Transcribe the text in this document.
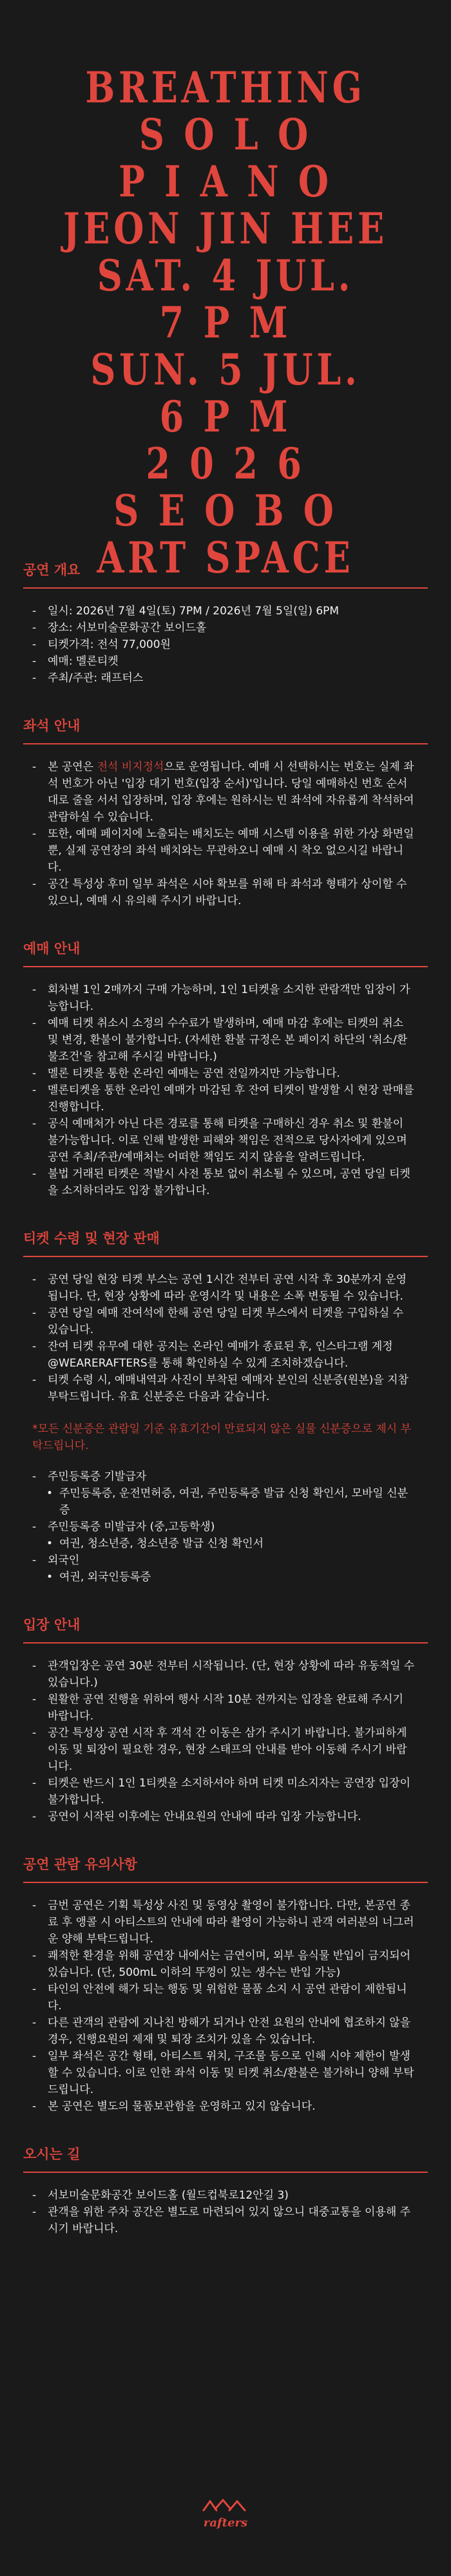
BREATHING
S O L O
P I A N O
JEON JIN HEE
SAT. 4 JUL.
7 P M
SUN. 5 JUL.
6 P M
2 0 2 6
S E O B O
ART SPACE
공연 개요
- 일시: 2026년 7월 4일(토) 7PM / 2026년 7월 5일(일) 6PM
- 장소: 서보미술문화공간 보이드홀
- 티켓가격: 전석 77,000원
- 예매: 멜론티켓
- 주최/주관: 래프터스
좌석 안내
- 본 공연은 전석 비지정석으로 운영됩니다. 예매 시 선택하시는 번호는 실제 좌석 번호가 아닌 '입장 대기 번호(입장 순서)'입니다. 당일 예매하신 번호 순서대로 줄을 서서 입장하며, 입장 후에는 원하시는 빈 좌석에 자유롭게 착석하여 관람하실 수 있습니다.
- 또한, 예매 페이지에 노출되는 배치도는 예매 시스템 이용을 위한 가상 화면일 뿐, 실제 공연장의 좌석 배치와는 무관하오니 예매 시 착오 없으시길 바랍니다.
- 공간 특성상 후미 일부 좌석은 시야 확보를 위해 타 좌석과 형태가 상이할 수 있으니, 예매 시 유의해 주시기 바랍니다.
예매 안내
- 회차별 1인 2매까지 구매 가능하며, 1인 1티켓을 소지한 관람객만 입장이 가능합니다.
- 예매 티켓 취소시 소정의 수수료가 발생하며, 예매 마감 후에는 티켓의 취소 및 변경, 환불이 불가합니다. (자세한 환불 규정은 본 페이지 하단의 '취소/환불조건'을 참고해 주시길 바랍니다.)
- 멜론 티켓을 통한 온라인 예매는 공연 전일까지만 가능합니다.
- 멜론티켓을 통한 온라인 예매가 마감된 후 잔여 티켓이 발생할 시 현장 판매를 진행합니다.
- 공식 예매처가 아닌 다른 경로를 통해 티켓을 구매하신 경우 취소 및 환불이 불가능합니다. 이로 인해 발생한 피해와 책임은 전적으로 당사자에게 있으며 공연 주최/주관/예매처는 어떠한 책임도 지지 않음을 알려드립니다.
- 불법 거래된 티켓은 적발시 사전 통보 없이 취소될 수 있으며, 공연 당일 티켓을 소지하더라도 입장 불가합니다.
티켓 수령 및 현장 판매
- 공연 당일 현장 티켓 부스는 공연 1시간 전부터 공연 시작 후 30분까지 운영됩니다. 단, 현장 상황에 따라 운영시각 및 내용은 소폭 변동될 수 있습니다.
- 공연 당일 예매 잔여석에 한해 공연 당일 티켓 부스에서 티켓을 구입하실 수 있습니다.
- 잔여 티켓 유무에 대한 공지는 온라인 예매가 종료된 후, 인스타그램 계정 @WEARERAFTERS를 통해 확인하실 수 있게 조치하겠습니다.
- 티켓 수령 시, 예매내역과 사진이 부착된 예매자 본인의 신분증(원본)을 지참 부탁드립니다. 유효 신분증은 다음과 같습니다.
*모든 신분증은 관람일 기준 유효기간이 만료되지 않은 실물 신분증으로 제시 부탁드립니다.
- 주민등록증 기발급자
• 주민등록증, 운전면허증, 여권, 주민등록증 발급 신청 확인서, 모바일 신분증
- 주민등록증 미발급자 (중,고등학생)
• 여권, 청소년증, 청소년증 발급 신청 확인서
- 외국인
• 여권, 외국인등록증
입장 안내
- 관객입장은 공연 30분 전부터 시작됩니다. (단, 현장 상황에 따라 유동적일 수 있습니다.)
- 원활한 공연 진행을 위하여 행사 시작 10분 전까지는 입장을 완료해 주시기 바랍니다.
- 공간 특성상 공연 시작 후 객석 간 이동은 삼가 주시기 바랍니다. 불가피하게 이동 및 퇴장이 필요한 경우, 현장 스태프의 안내를 받아 이동해 주시기 바랍니다.
- 티켓은 반드시 1인 1티켓을 소지하셔야 하며 티켓 미소지자는 공연장 입장이 불가합니다.
- 공연이 시작된 이후에는 안내요원의 안내에 따라 입장 가능합니다.
공연 관람 유의사항
- 금번 공연은 기획 특성상 사진 및 동영상 촬영이 불가합니다. 다만, 본공연 종료 후 앵콜 시 아티스트의 안내에 따라 촬영이 가능하니 관객 여러분의 너그러운 양해 부탁드립니다.
- 쾌적한 환경을 위해 공연장 내에서는 금연이며, 외부 음식물 반입이 금지되어 있습니다. (단, 500mL 이하의 뚜껑이 있는 생수는 반입 가능)
- 타인의 안전에 해가 되는 행동 및 위험한 물품 소지 시 공연 관람이 제한됩니다.
- 다른 관객의 관람에 지나친 방해가 되거나 안전 요원의 안내에 협조하지 않을 경우, 진행요원의 제재 및 퇴장 조치가 있을 수 있습니다.
- 일부 좌석은 공간 형태, 아티스트 위치, 구조물 등으로 인해 시야 제한이 발생할 수 있습니다. 이로 인한 좌석 이동 및 티켓 취소/환불은 불가하니 양해 부탁드립니다.
- 본 공연은 별도의 물품보관함을 운영하고 있지 않습니다.
오시는 길
- 서보미술문화공간 보이드홀 (월드컵북로12안길 3)
- 관객을 위한 주차 공간은 별도로 마련되어 있지 않으니 대중교통을 이용해 주시기 바랍니다.
rafters
